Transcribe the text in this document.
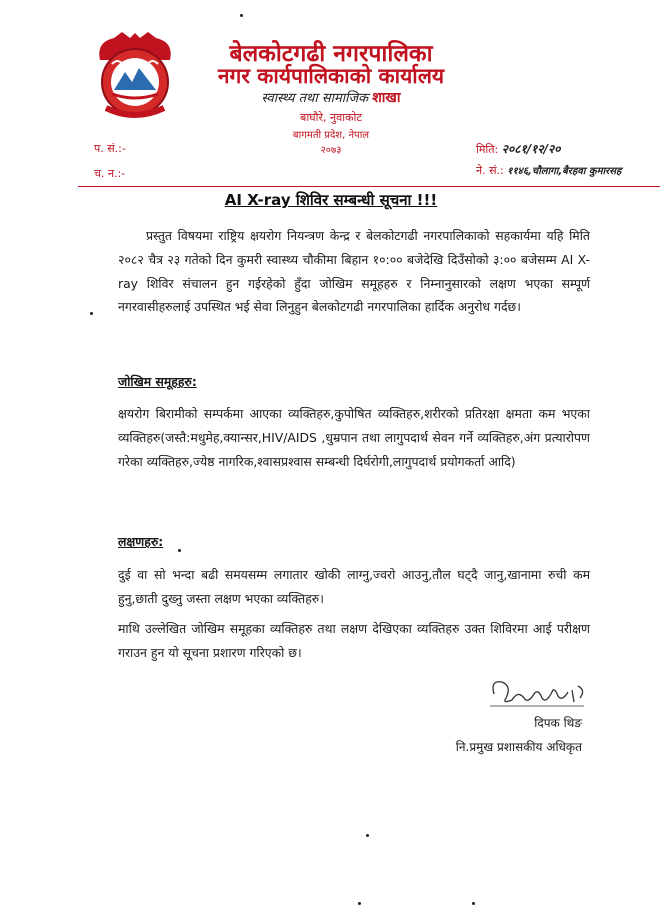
बेलकोटगढी नगरपालिका
नगर कार्यपालिकाको कार्यालय
स्वास्थ्य तथा सामाजिक शाखा
बाघौरे, नुवाकोट
बागमती प्रदेश, नेपाल
२०७३
प. सं.:-
च. न.:-
मिति: २०८१/१२/२०
ने. सं.: ११४६,चौलागा,बैरहवा कुमारसह
AI X-ray शिविर सम्बन्धी सूचना !!!
प्रस्तुत विषयमा राष्ट्रिय क्षयरोग नियन्त्रण केन्द्र र बेलकोटगढी नगरपालिकाको सहकार्यमा यहि मिति २०८२ चैत्र २३ गतेको दिन कुमरी स्वास्थ्य चौकीमा बिहान १०:०० बजेदेखि दिउँसोको ३:०० बजेसम्म AI X-ray शिविर संचालन हुन गईरहेको हुँदा जोखिम समूहहरु र निम्नानुसारको लक्षण भएका सम्पूर्ण नगरवासीहरुलाई उपस्थित भई सेवा लिनुहुन बेलकोटगढी नगरपालिका हार्दिक अनुरोध गर्दछ।
जोखिम समूहहरु:
क्षयरोग बिरामीको सम्पर्कमा आएका व्यक्तिहरु,कुपोषित व्यक्तिहरु,शरीरको प्रतिरक्षा क्षमता कम भएका व्यक्तिहरु(जस्तै:मधुमेह,क्यान्सर,HIV/AIDS ,धुम्रपान तथा लागुपदार्थ सेवन गर्ने व्यक्तिहरु,अंग प्रत्यारोपण गरेका व्यक्तिहरु,ज्येष्ठ नागरिक,श्वासप्रश्वास सम्बन्धी दिर्घरोगी,लागुपदार्थ प्रयोगकर्ता आदि)
लक्षणहरु:
दुई वा सो भन्दा बढी समयसम्म लगातार खोकी लाग्नु,ज्वरो आउनु,तौल घट्दै जानु,खानामा रुची कम हुनु,छाती दुख्नु जस्ता लक्षण भएका व्यक्तिहरु।
माथि उल्लेखित जोखिम समूहका व्यक्तिहरु तथा लक्षण देखिएका व्यक्तिहरु उक्त शिविरमा आई परीक्षण गराउन हुन यो सूचना प्रशारण गरिएको छ।
दिपक थिङ
नि.प्रमुख प्रशासकीय अधिकृत
